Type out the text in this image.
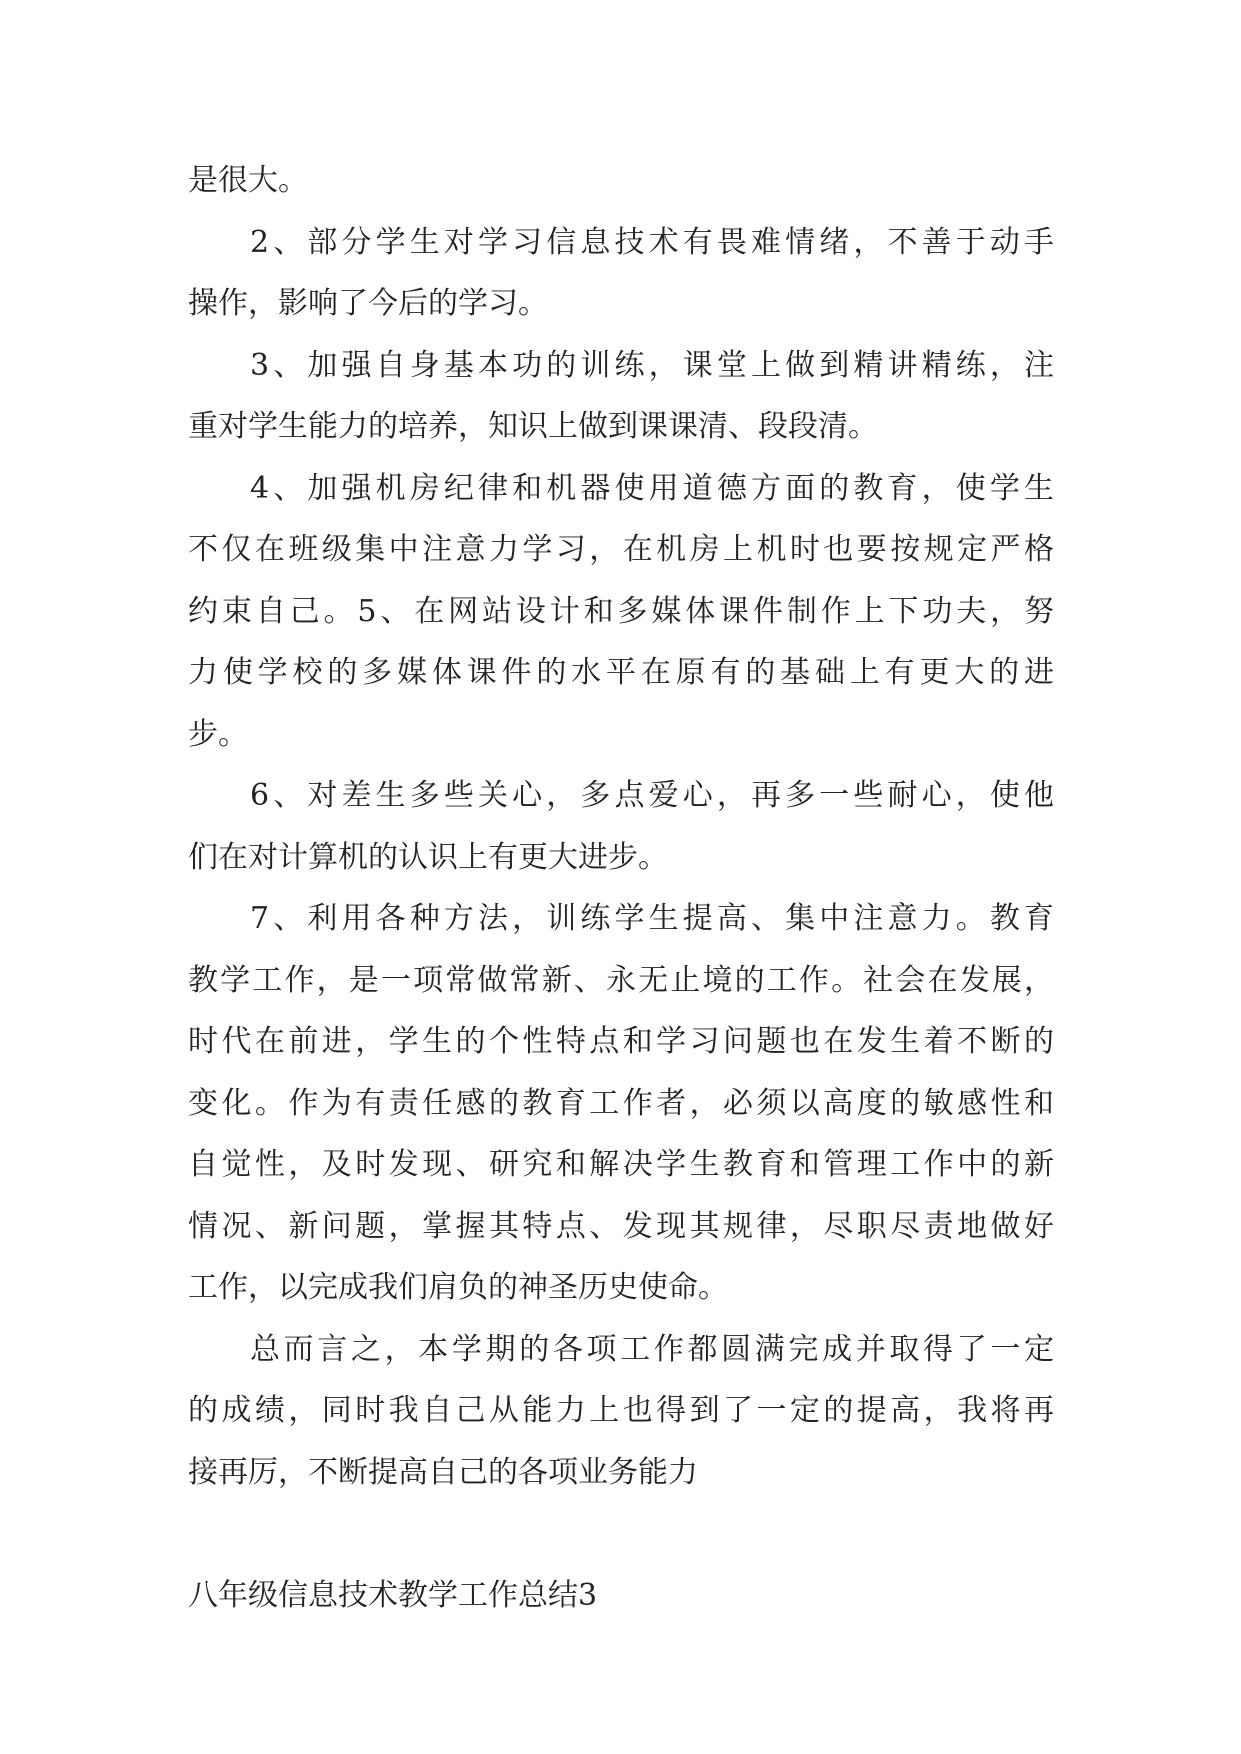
是很大。
2、部分学生对学习信息技术有畏难情绪，不善于动手
操作，影响了今后的学习。
3、加强自身基本功的训练，课堂上做到精讲精练，注
重对学生能力的培养，知识上做到课课清、段段清。
4、加强机房纪律和机器使用道德方面的教育，使学生
不仅在班级集中注意力学习，在机房上机时也要按规定严格
约束自己。5、在网站设计和多媒体课件制作上下功夫，努
力使学校的多媒体课件的水平在原有的基础上有更大的进
步。
6、对差生多些关心，多点爱心，再多一些耐心，使他
们在对计算机的认识上有更大进步。
7、利用各种方法，训练学生提高、集中注意力。教育
教学工作，是一项常做常新、永无止境的工作。社会在发展，
时代在前进，学生的个性特点和学习问题也在发生着不断的
变化。作为有责任感的教育工作者，必须以高度的敏感性和
自觉性，及时发现、研究和解决学生教育和管理工作中的新
情况、新问题，掌握其特点、发现其规律，尽职尽责地做好
工作，以完成我们肩负的神圣历史使命。
总而言之，本学期的各项工作都圆满完成并取得了一定
的成绩，同时我自己从能力上也得到了一定的提高，我将再
接再厉，不断提高自己的各项业务能力
八年级信息技术教学工作总结3
